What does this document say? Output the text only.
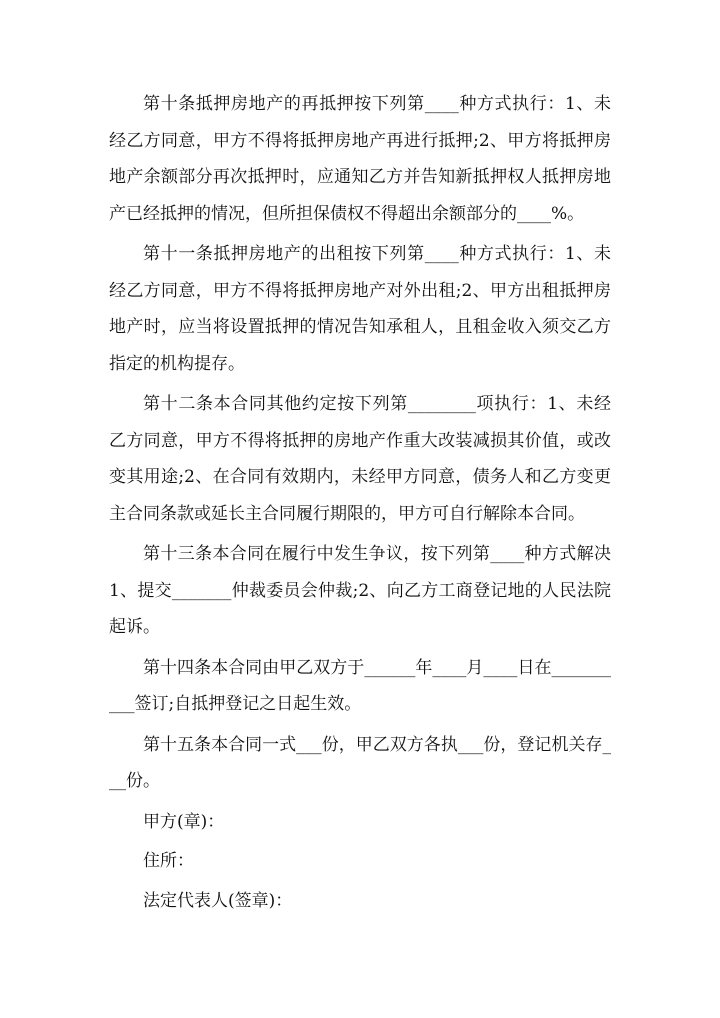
第十条抵押房地产的再抵押按下列第____种方式执行：1、未经乙方同意，甲方不得将抵押房地产再进行抵押;2、甲方将抵押房地产余额部分再次抵押时，应通知乙方并告知新抵押权人抵押房地产已经抵押的情况，但所担保债权不得超出余额部分的____%。

第十一条抵押房地产的出租按下列第____种方式执行：1、未经乙方同意，甲方不得将抵押房地产对外出租;2、甲方出租抵押房地产时，应当将设置抵押的情况告知承租人，且租金收入须交乙方指定的机构提存。

第十二条本合同其他约定按下列第________项执行：1、未经乙方同意，甲方不得将抵押的房地产作重大改装减损其价值，或改变其用途;2、在合同有效期内，未经甲方同意，债务人和乙方变更主合同条款或延长主合同履行期限的，甲方可自行解除本合同。

第十三条本合同在履行中发生争议，按下列第____种方式解决1、提交_______仲裁委员会仲裁;2、向乙方工商登记地的人民法院起诉。

第十四条本合同由甲乙双方于______年____月____日在__________签订;自抵押登记之日起生效。

第十五条本合同一式___份，甲乙双方各执___份，登记机关存___份。

甲方(章)：

住所：

法定代表人(签章)：
